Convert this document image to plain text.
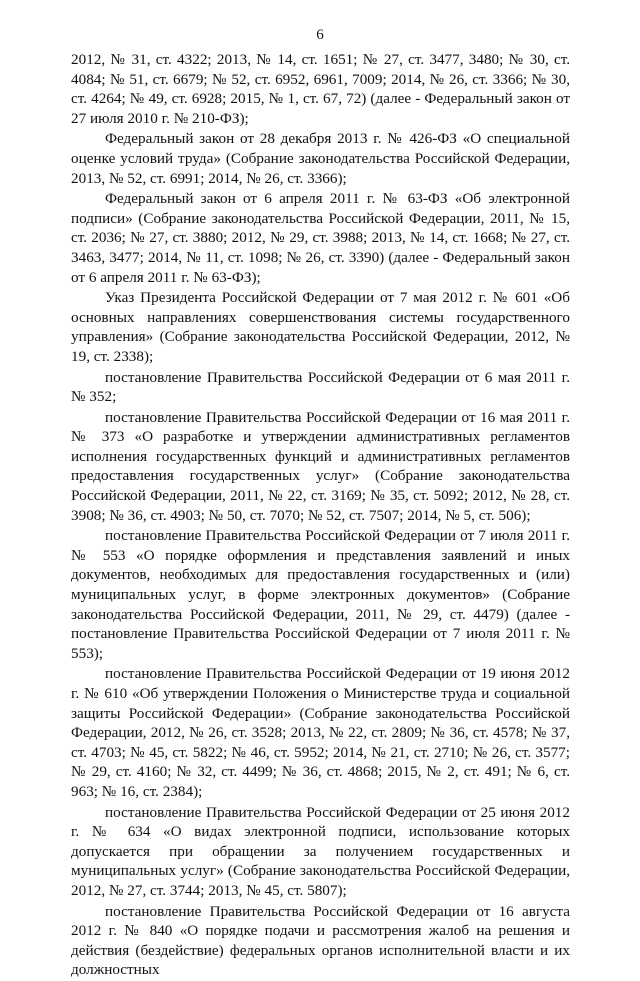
6

2012, № 31, ст. 4322; 2013, № 14, ст. 1651; № 27, ст. 3477, 3480; № 30, ст. 4084; № 51, ст. 6679; № 52, ст. 6952, 6961, 7009; 2014, № 26, ст. 3366; № 30, ст. 4264; № 49, ст. 6928; 2015, № 1, ст. 67, 72) (далее - Федеральный закон от 27 июля 2010 г. № 210-ФЗ);

Федеральный закон от 28 декабря 2013 г. № 426-ФЗ «О специальной оценке условий труда» (Собрание законодательства Российской Федерации, 2013, № 52, ст. 6991; 2014, № 26, ст. 3366);

Федеральный закон от 6 апреля 2011 г. № 63-ФЗ «Об электронной подписи» (Собрание законодательства Российской Федерации, 2011, № 15, ст. 2036; № 27, ст. 3880; 2012, № 29, ст. 3988; 2013, № 14, ст. 1668; № 27, ст. 3463, 3477; 2014, № 11, ст. 1098; № 26, ст. 3390) (далее - Федеральный закон от 6 апреля 2011 г. № 63-ФЗ);

Указ Президента Российской Федерации от 7 мая 2012 г. № 601 «Об основных направлениях совершенствования системы государственного управления» (Собрание законодательства Российской Федерации, 2012, № 19, ст. 2338);

постановление Правительства Российской Федерации от 6 мая 2011 г. № 352;

постановление Правительства Российской Федерации от 16 мая 2011 г. № 373 «О разработке и утверждении административных регламентов исполнения государственных функций и административных регламентов предоставления государственных услуг» (Собрание законодательства Российской Федерации, 2011, № 22, ст. 3169; № 35, ст. 5092; 2012, № 28, ст. 3908; № 36, ст. 4903; № 50, ст. 7070; № 52, ст. 7507; 2014, № 5, ст. 506);

постановление Правительства Российской Федерации от 7 июля 2011 г. № 553 «О порядке оформления и представления заявлений и иных документов, необходимых для предоставления государственных и (или) муниципальных услуг, в форме электронных документов» (Собрание законодательства Российской Федерации, 2011, № 29, ст. 4479) (далее - постановление Правительства Российской Федерации от 7 июля 2011 г. № 553);

постановление Правительства Российской Федерации от 19 июня 2012 г. № 610 «Об утверждении Положения о Министерстве труда и социальной защиты Российской Федерации» (Собрание законодательства Российской Федерации, 2012, № 26, ст. 3528; 2013, № 22, ст. 2809; № 36, ст. 4578; № 37, ст. 4703; № 45, ст. 5822; № 46, ст. 5952; 2014, № 21, ст. 2710; № 26, ст. 3577; № 29, ст. 4160; № 32, ст. 4499; № 36, ст. 4868; 2015, № 2, ст. 491; № 6, ст. 963; № 16, ст. 2384);

постановление Правительства Российской Федерации от 25 июня 2012 г. № 634 «О видах электронной подписи, использование которых допускается при обращении за получением государственных и муниципальных услуг» (Собрание законодательства Российской Федерации, 2012, № 27, ст. 3744; 2013, № 45, ст. 5807);

постановление Правительства Российской Федерации от 16 августа 2012 г. № 840 «О порядке подачи и рассмотрения жалоб на решения и действия (бездействие) федеральных органов исполнительной власти и их должностных
